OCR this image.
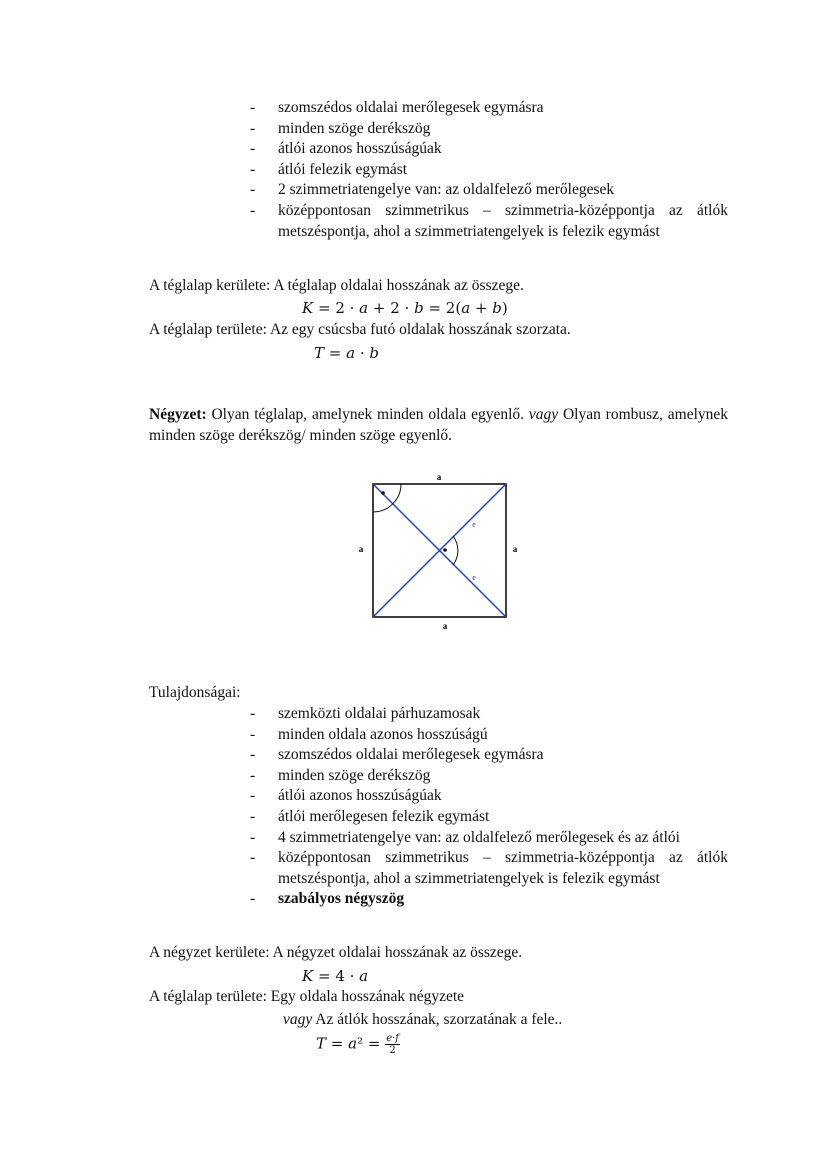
- szomszédos oldalai merőlegesek egymásra
- minden szöge derékszög
- átlói azonos hosszúságúak
- átlói felezik egymást
- 2 szimmetriatengelye van: az oldalfelező merőlegesek
- középpontosan szimmetrikus – szimmetria-középpontja az átlók metszéspontja, ahol a szimmetriatengelyek is felezik egymást
A téglalap kerülete: A téglalap oldalai hosszának az összege.
K = 2 · a + 2 · b = 2(a + b)
A téglalap területe: Az egy csúcsba futó oldalak hosszának szorzata.
T = a · b
Négyzet: Olyan téglalap, amelynek minden oldala egyenlő. vagy Olyan rombusz, amelynek minden szöge derékszög/ minden szöge egyenlő.
a
a
a	a
e
e
Tulajdonságai:
- szemközti oldalai párhuzamosak
- minden oldala azonos hosszúságú
- szomszédos oldalai merőlegesek egymásra
- minden szöge derékszög
- átlói azonos hosszúságúak
- átlói merőlegesen felezik egymást
- 4 szimmetriatengelye van: az oldalfelező merőlegesek és az átlói
- középpontosan szimmetrikus – szimmetria-középpontja az átlók metszéspontja, ahol a szimmetriatengelyek is felezik egymást
- szabályos négyszög
A négyzet kerülete: A négyzet oldalai hosszának az összege.
K = 4 · a
A téglalap területe: Egy oldala hosszának négyzete
vagy Az átlók hosszának, szorzatának a fele..
$T = a^2 = \frac{e\cdot f}{2}$
